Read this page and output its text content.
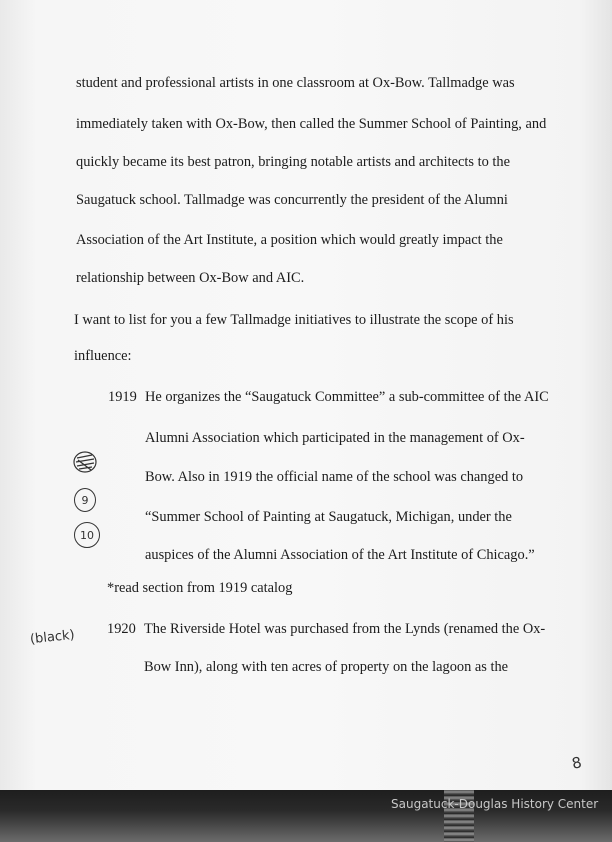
student and professional artists in one classroom at Ox-Bow. Tallmadge was
immediately taken with Ox-Bow, then called the Summer School of Painting, and
quickly became its best patron, bringing notable artists and architects to the
Saugatuck school. Tallmadge was concurrently the president of the Alumni
Association of the Art Institute, a position which would greatly impact the
relationship between Ox-Bow and AIC.
I want to list for you a few Tallmadge initiatives to illustrate the scope of his
influence:
1919 He organizes the “Saugatuck Committee” a sub-committee of the AIC
Alumni Association which participated in the management of Ox-
Bow. Also in 1919 the official name of the school was changed to
“Summer School of Painting at Saugatuck, Michigan, under the
auspices of the Alumni Association of the Art Institute of Chicago.”
*read section from 1919 catalog
1920 The Riverside Hotel was purchased from the Lynds (renamed the Ox-
Bow Inn), along with ten acres of property on the lagoon as the
9
10
(black)
8
Saugatuck-Douglas History Center
